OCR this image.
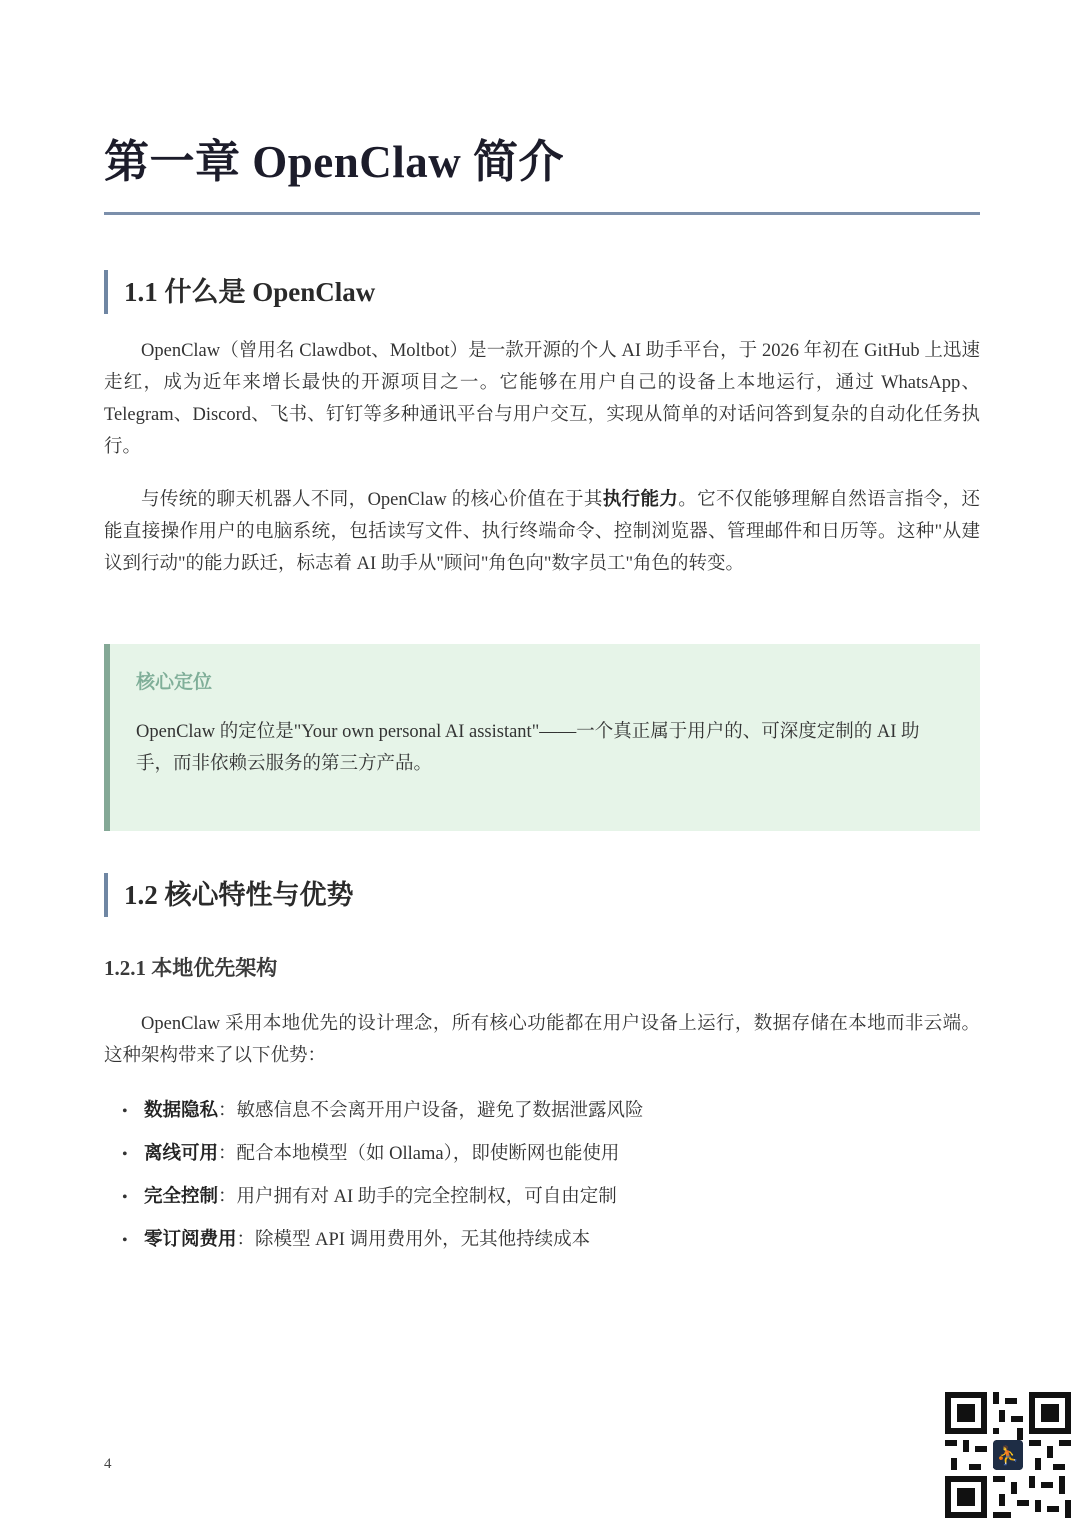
第一章 OpenClaw 简介
1.1 什么是 OpenClaw

OpenClaw（曾用名 Clawdbot、Moltbot）是一款开源的个人 AI 助手平台，于 2026 年初在 GitHub 上迅速走红，成为近年来增长最快的开源项目之一。它能够在用户自己的设备上本地运行，通过 WhatsApp、Telegram、Discord、飞书、钉钉等多种通讯平台与用户交互，实现从简单的对话问答到复杂的自动化任务执行。

与传统的聊天机器人不同，OpenClaw 的核心价值在于其执行能力。它不仅能够理解自然语言指令，还能直接操作用户的电脑系统，包括读写文件、执行终端命令、控制浏览器、管理邮件和日历等。这种"从建议到行动"的能力跃迁，标志着 AI 助手从"顾问"角色向"数字员工"角色的转变。

核心定位

OpenClaw 的定位是"Your own personal AI assistant"——一个真正属于用户的、可深度定制的 AI 助手，而非依赖云服务的第三方产品。

1.2 核心特性与优势
1.2.1 本地优先架构

OpenClaw 采用本地优先的设计理念，所有核心功能都在用户设备上运行，数据存储在本地而非云端。这种架构带来了以下优势：

• 数据隐私：敏感信息不会离开用户设备，避免了数据泄露风险
• 离线可用：配合本地模型（如 Ollama），即使断网也能使用
• 完全控制：用户拥有对 AI 助手的完全控制权，可自由定制
• 零订阅费用：除模型 API 调用费用外，无其他持续成本
4	⛹
